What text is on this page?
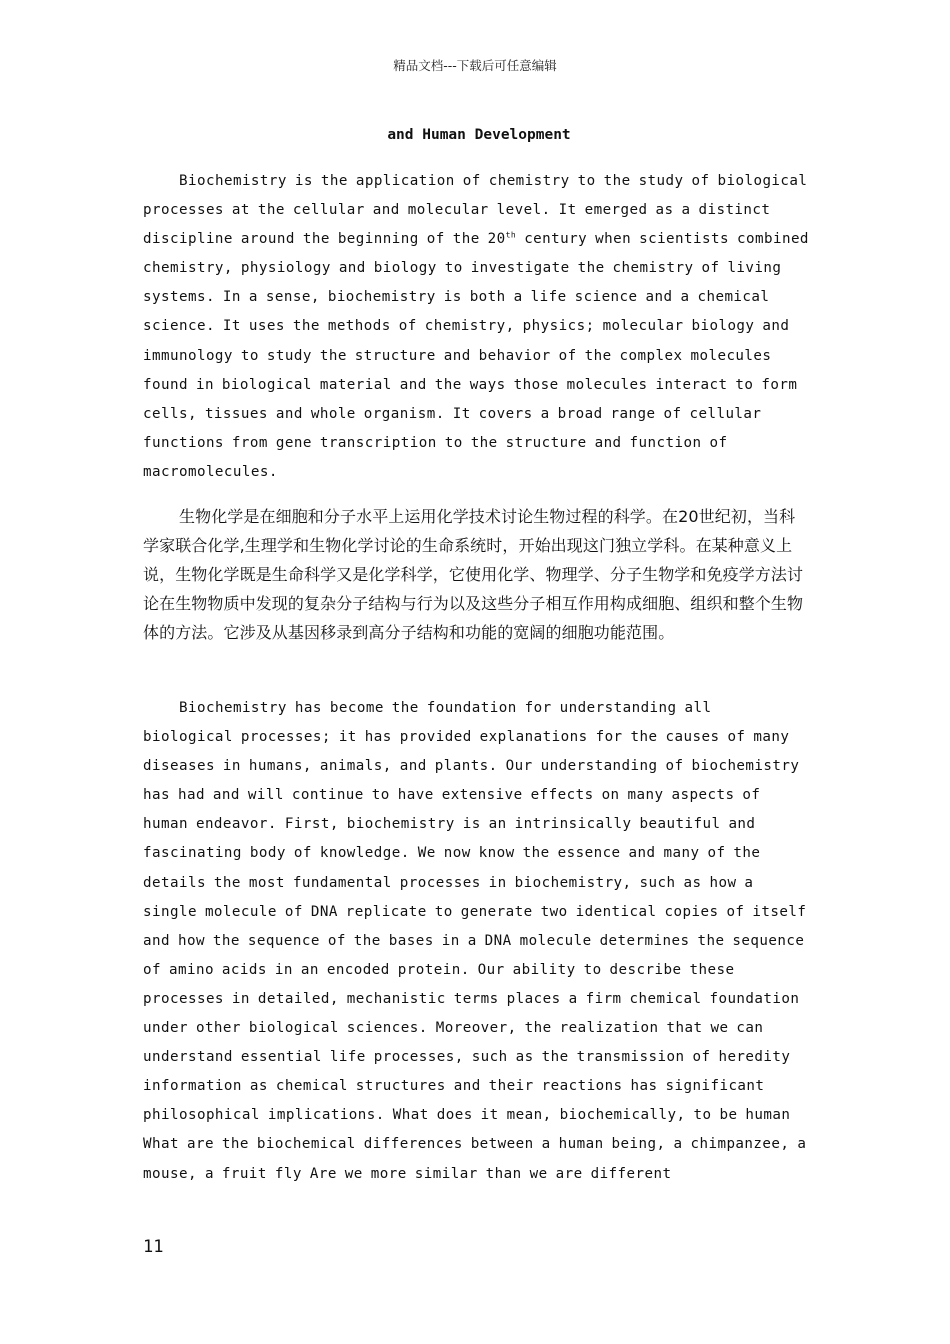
精品文档---下载后可任意编辑
and Human Development

Biochemistry is the application of chemistry to the study of biological processes at the cellular and molecular level. It emerged as a distinct discipline around the beginning of the 20th century when scientists combined chemistry, physiology and biology to investigate the chemistry of living systems. In a sense, biochemistry is both a life science and a chemical science. It uses the methods of chemistry, physics; molecular biology and immunology to study the structure and behavior of the complex molecules found in biological material and the ways those molecules interact to form cells, tissues and whole organism. It covers a broad range of cellular functions from gene transcription to the structure and function of macromolecules.

生物化学是在细胞和分子水平上运用化学技术讨论生物过程的科学。在20世纪初，当科学家联合化学,生理学和生物化学讨论的生命系统时，开始出现这门独立学科。在某种意义上说，生物化学既是生命科学又是化学科学，它使用化学、物理学、分子生物学和免疫学方法讨论在生物物质中发现的复杂分子结构与行为以及这些分子相互作用构成细胞、组织和整个生物体的方法。它涉及从基因移录到高分子结构和功能的宽阔的细胞功能范围。

Biochemistry has become the foundation for understanding all biological processes; it has provided explanations for the causes of many diseases in humans, animals, and plants. Our understanding of biochemistry has had and will continue to have extensive effects on many aspects of human endeavor. First, biochemistry is an intrinsically beautiful and fascinating body of knowledge. We now know the essence and many of the details the most fundamental processes in biochemistry, such as how a single molecule of DNA replicate to generate two identical copies of itself and how the sequence of the bases in a DNA molecule determines the sequence of amino acids in an encoded protein. Our ability to describe these processes in detailed, mechanistic terms places a firm chemical foundation under other biological sciences. Moreover, the realization that we can understand essential life processes, such as the transmission of heredity information as chemical structures and their reactions has significant philosophical implications. What does it mean, biochemically, to be human What are the biochemical differences between a human being, a chimpanzee, a mouse, a fruit fly Are we more similar than we are different

11
